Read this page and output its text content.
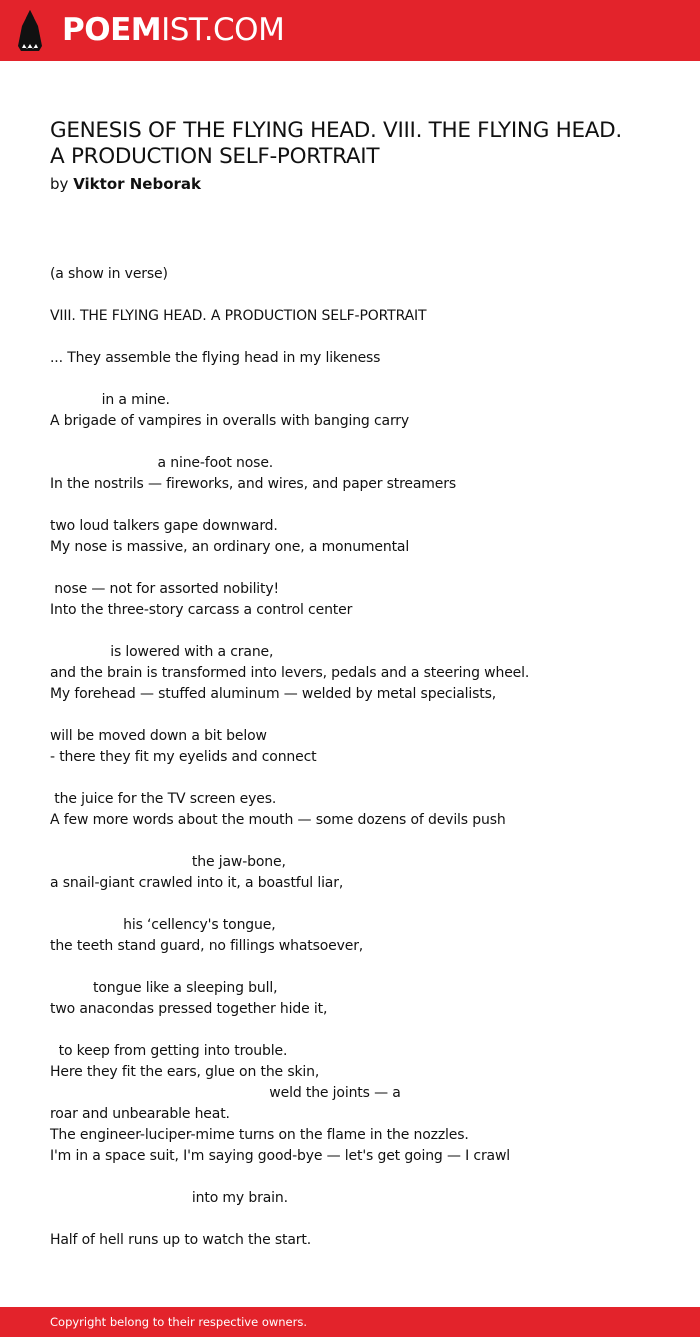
POEMIST.COM
GENESIS OF THE FLYING HEAD. VIII. THE FLYING HEAD.
A PRODUCTION SELF-PORTRAIT
by Viktor Neborak
(a show in verse)
VIII. THE FLYING HEAD. A PRODUCTION SELF-PORTRAIT
... They assemble the flying head in my likeness
in a mine.
A brigade of vampires in overalls with banging carry
a nine-foot nose.
In the nostrils — fireworks, and wires, and paper streamers
two loud talkers gape downward.
My nose is massive, an ordinary one, a monumental
nose — not for assorted nobility!
Into the three-story carcass a control center
is lowered with a crane,
and the brain is transformed into levers, pedals and a steering wheel.
My forehead — stuffed aluminum — welded by metal specialists,
will be moved down a bit below
- there they fit my eyelids and connect
the juice for the TV screen eyes.
A few more words about the mouth — some dozens of devils push
the jaw-bone,
a snail-giant crawled into it, a boastful liar,
his ‘cellency's tongue,
the teeth stand guard, no fillings whatsoever,
tongue like a sleeping bull,
two anacondas pressed together hide it,
to keep from getting into trouble.
Here they fit the ears, glue on the skin,
weld the joints — a
roar and unbearable heat.
The engineer-luciper-mime turns on the flame in the nozzles.
I'm in a space suit, I'm saying good-bye — let's get going — I crawl
into my brain.
Half of hell runs up to watch the start.
Copyright belong to their respective owners.
